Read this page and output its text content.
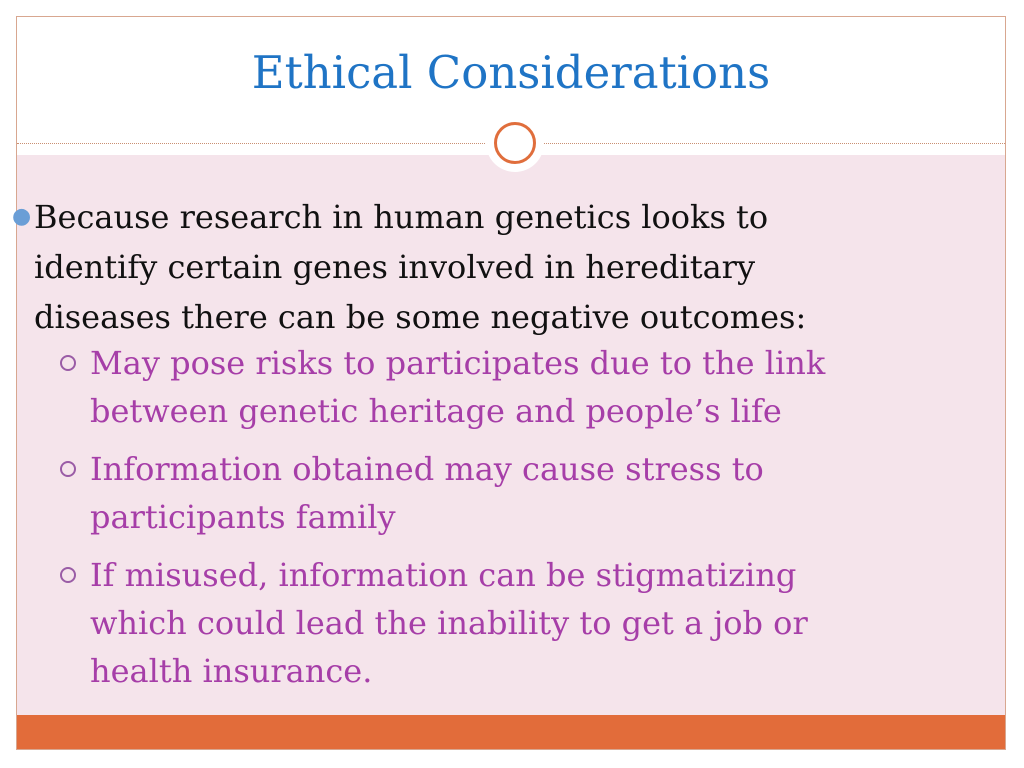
Ethical Considerations
● Because research in human genetics looks to identify certain genes involved in hereditary diseases there can be some negative outcomes:
May pose risks to participates due to the link between genetic heritage and people’s life
Information obtained may cause stress to participants family
If misused, information can be stigmatizing which could lead the inability to get a job or health insurance.
